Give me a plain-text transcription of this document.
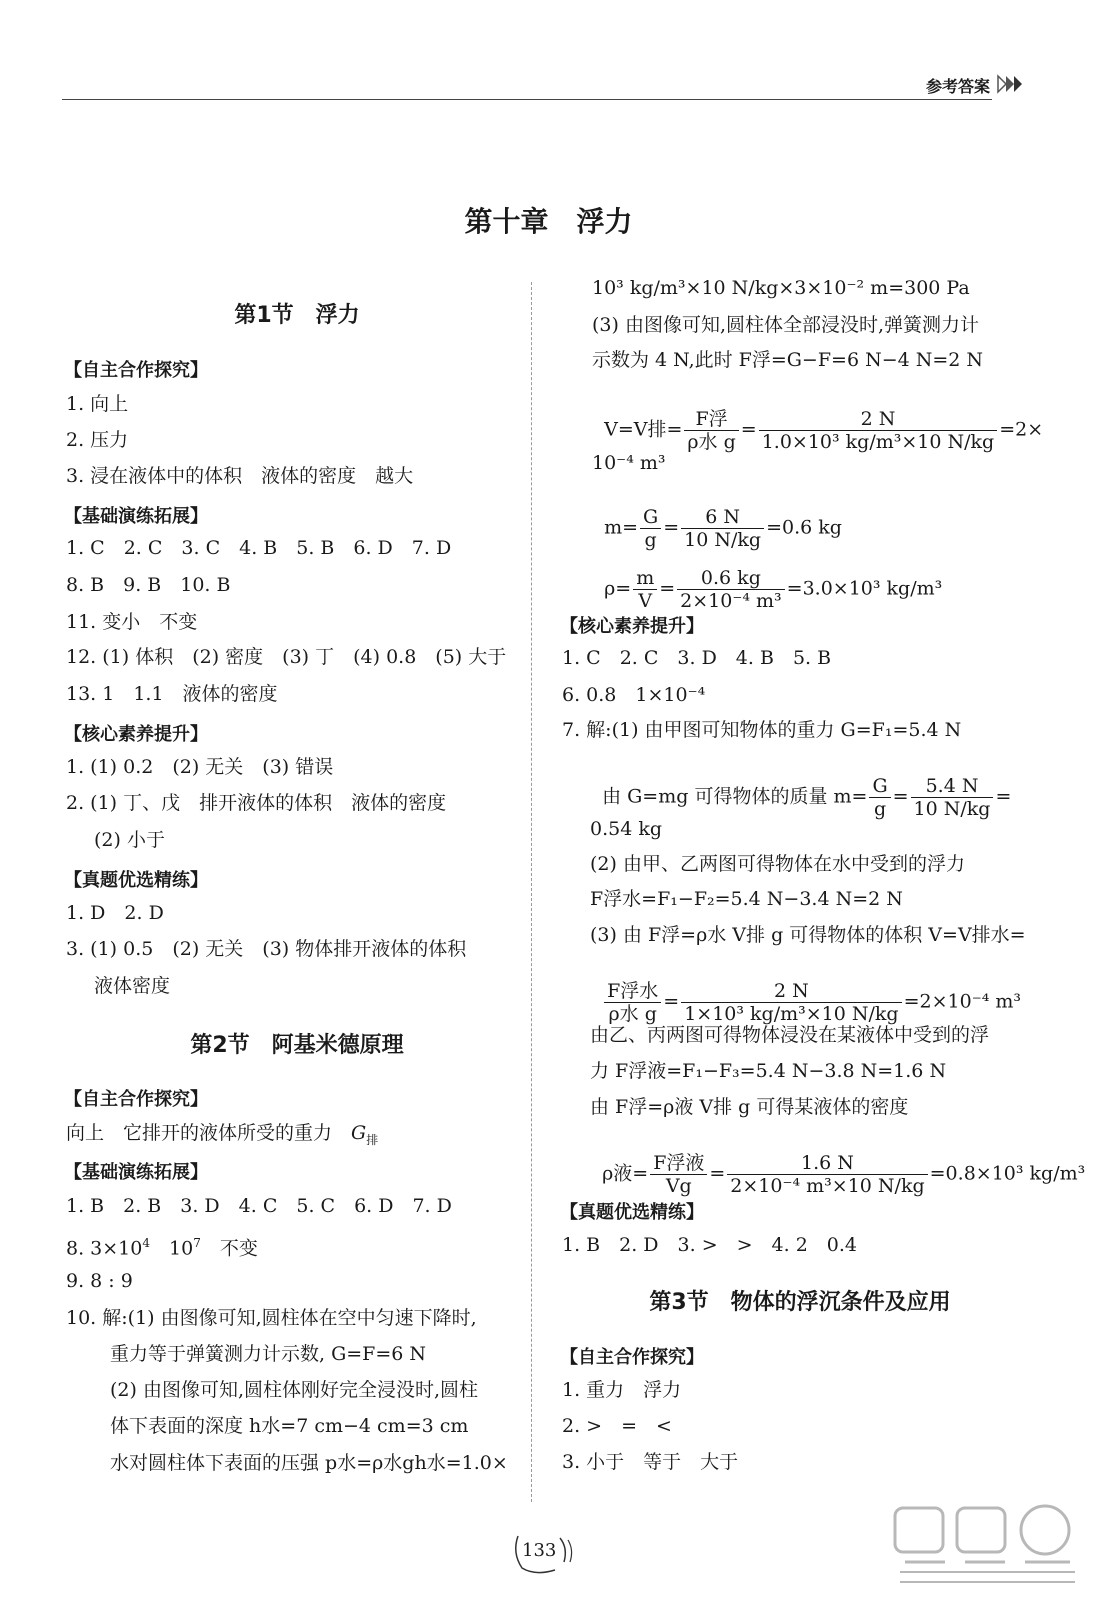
参考答案
第十章　浮力
第1节　浮力
【自主合作探究】
1. 向上
2. 压力
3. 浸在液体中的体积　液体的密度　越大
【基础演练拓展】
1. C　2. C　3. C　4. B　5. B　6. D　7. D
8. B　9. B　10. B
11. 变小　不变
12. (1) 体积　(2) 密度　(3) 丁　(4) 0.8　(5) 大于
13. 1　1.1　液体的密度
【核心素养提升】
1. (1) 0.2　(2) 无关　(3) 错误
2. (1) 丁、戊　排开液体的体积　液体的密度
(2) 小于
【真题优选精练】
1. D　2. D
3. (1) 0.5　(2) 无关　(3) 物体排开液体的体积
液体密度
第2节　阿基米德原理
【自主合作探究】
向上　它排开的液体所受的重力　$G_排$
【基础演练拓展】
1. B　2. B　3. D　4. C　5. C　6. D　7. D
8. $3\times 10^4$　$10^7$　不变
9. 8 : 9
10. 解:(1) 由图像可知,圆柱体在空中匀速下降时,
重力等于弹簧测力计示数, G=F=6 N
(2) 由图像可知,圆柱体刚好完全浸没时,圆柱
体下表面的深度 h水=7 cm−4 cm=3 cm
水对圆柱体下表面的压强 p水=ρ水gh水=1.0×
10³ kg/m³×10 N/kg×3×10⁻² m=300 Pa
(3) 由图像可知,圆柱体全部浸没时,弹簧测力计
示数为 4 N,此时 F浮=G−F=6 N−4 N=2 N

V=V排= $\frac{\text{F浮}}{\text{ρ水 g}} = \frac{2 N}{\text{1.0×10³ kg/m³×10 N/kg}} =2\times$

10⁻⁴ m³

$m= \frac{G}{g} = \frac{6 N}{10 N/kg} =0.6$ kg

$\rho= \frac{m}{V} = \frac{0.6 kg}{\text{2×10⁻⁴ m³}} =3.0\times 10^3$ kg/m³

【核心素养提升】
1. C　2. C　3. D　4. B　5. B
6. 0.8　1×10⁻⁴
7. 解:(1) 由甲图可知物体的重力 G=F₁=5.4 N

由 G=mg 可得物体的质量 $m= \frac{G}{g} = \frac{5.4 N}{10 N/kg}$ =

0.54 kg
(2) 由甲、乙两图可得物体在水中受到的浮力
F浮水=F₁−F₂=5.4 N−3.4 N=2 N
(3) 由 F浮=ρ水 V排 g 可得物体的体积 V=V排水=

$\frac{\text{F浮水}}{\text{ρ水 g}} = \frac{2 N}{\text{1×10³ kg/m³×10 N/kg}} =2\times 10^{-4}$ m³

由乙、丙两图可得物体浸没在某液体中受到的浮
力 F浮液=F₁−F₃=5.4 N−3.8 N=1.6 N
由 F浮=ρ液 V排 g 可得某液体的密度

ρ液= $\frac{\text{F浮液}}{Vg} = \frac{1.6 N}{\text{2×10⁻⁴ m³×10 N/kg}} =0.8\times 10^3$ kg/m³

【真题优选精练】
1. B　2. D　3. >　>　4. 2　0.4
第3节　物体的浮沉条件及应用
【自主合作探究】
1. 重力　浮力
2. >　=　<
3. 小于　等于　大于
133
